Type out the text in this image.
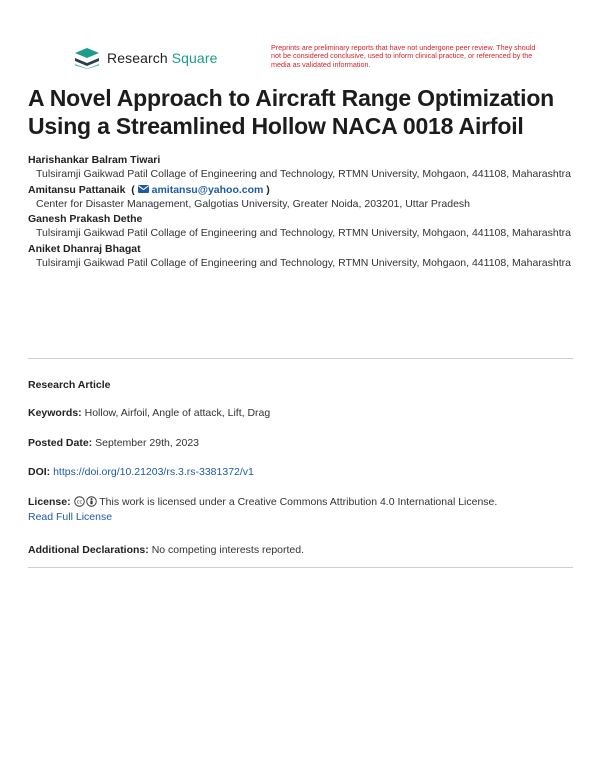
Research Square
Preprints are preliminary reports that have not undergone peer review. They should not be considered conclusive, used to inform clinical practice, or referenced by the media as validated information.
A Novel Approach to Aircraft Range Optimization Using a Streamlined Hollow NACA 0018 Airfoil
Harishankar Balram Tiwari
Tulsiramji Gaikwad Patil Collage of Engineering and Technology, RTMN University, Mohgaon, 441108, Maharashtra
Amitansu Pattanaik  (  amitansu@yahoo.com )
Center for Disaster Management, Galgotias University, Greater Noida, 203201, Uttar Pradesh
Ganesh Prakash Dethe
Tulsiramji Gaikwad Patil Collage of Engineering and Technology, RTMN University, Mohgaon, 441108, Maharashtra
Aniket Dhanraj Bhagat
Tulsiramji Gaikwad Patil Collage of Engineering and Technology, RTMN University, Mohgaon, 441108, Maharashtra
Research Article
Keywords: Hollow, Airfoil, Angle of attack, Lift, Drag
Posted Date: September 29th, 2023
DOI: https://doi.org/10.21203/rs.3.rs-3381372/v1
License: cc This work is licensed under a Creative Commons Attribution 4.0 International License.
Read Full License
Additional Declarations: No competing interests reported.
